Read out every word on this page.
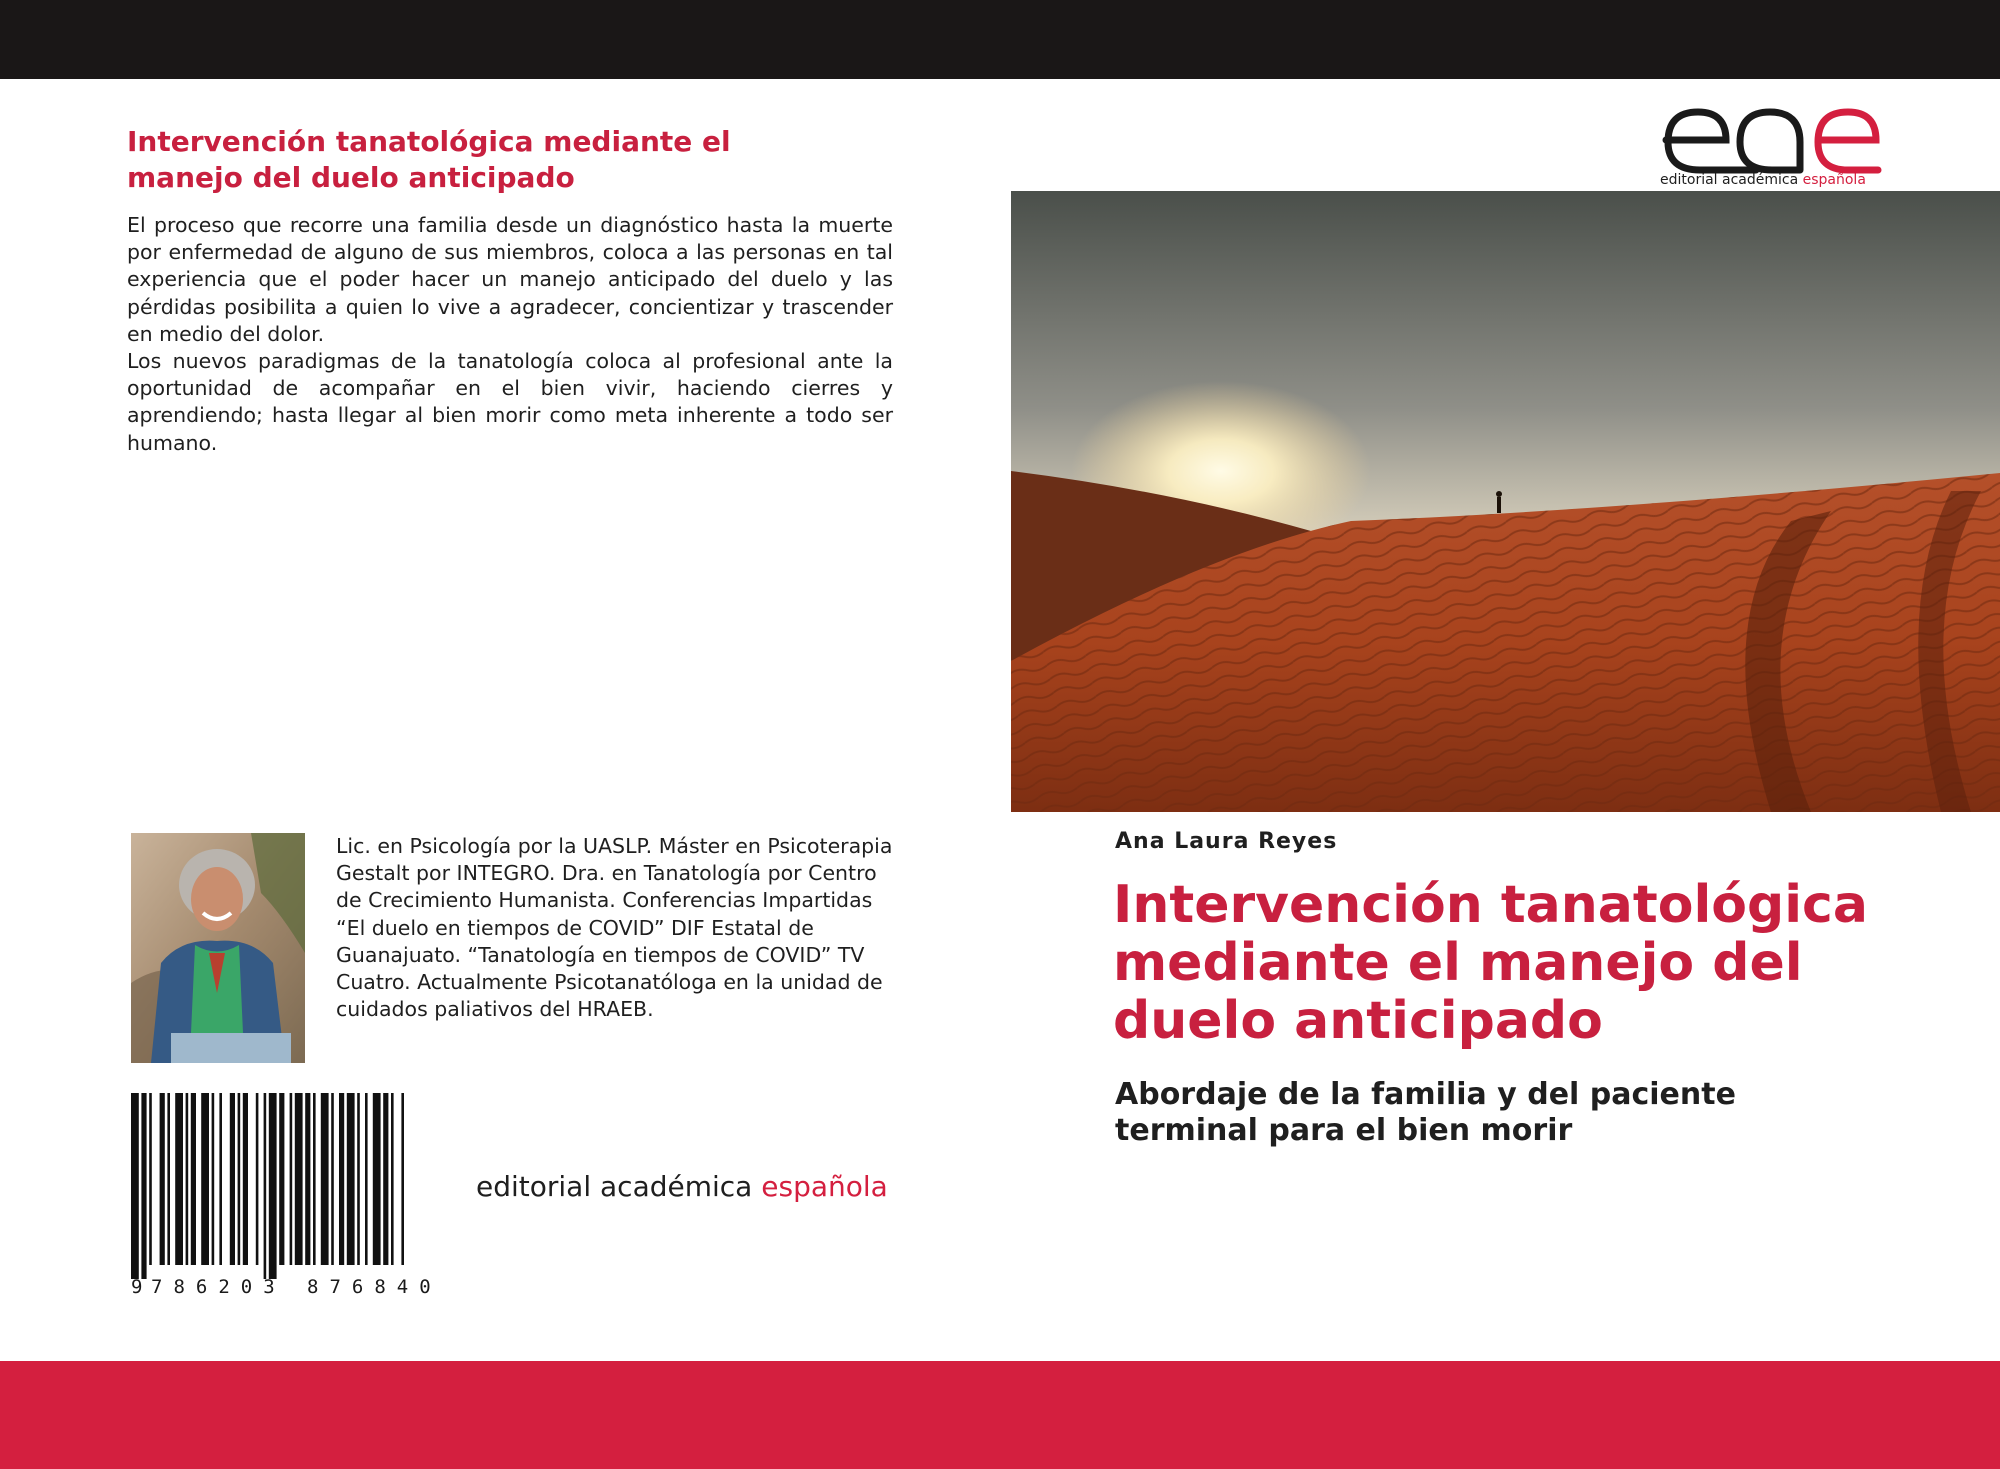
Intervención tanatológica mediante el manejo del duelo anticipado

El proceso que recorre una familia desde un diagnóstico hasta la muerte por enfermedad de alguno de sus miembros, coloca a las personas en tal experiencia que el poder hacer un manejo anticipado del duelo y las pérdidas posibilita a quien lo vive a agradecer, concientizar y trascender en medio del dolor.

Los nuevos paradigmas de la tanatología coloca al profesional ante la oportunidad de acompañar en el bien vivir, haciendo cierres y aprendiendo; hasta llegar al bien morir como meta inherente a todo ser humano.

Lic. en Psicología por la UASLP. Máster en Psicoterapia Gestalt por INTEGRO. Dra. en Tanatología por Centro de Crecimiento Humanista. Conferencias Impartidas “El duelo en tiempos de COVID” DIF Estatal de Guanajuato. “Tanatología en tiempos de COVID” TV Cuatro. Actualmente Psicotanatóloga en la unidad de cuidados paliativos del HRAEB.

9 786203 876840
editorial académica española
editorial académica española
Ana Laura Reyes
Intervención tanatológica mediante el manejo del duelo anticipado
Abordaje de la familia y del paciente terminal para el bien morir
